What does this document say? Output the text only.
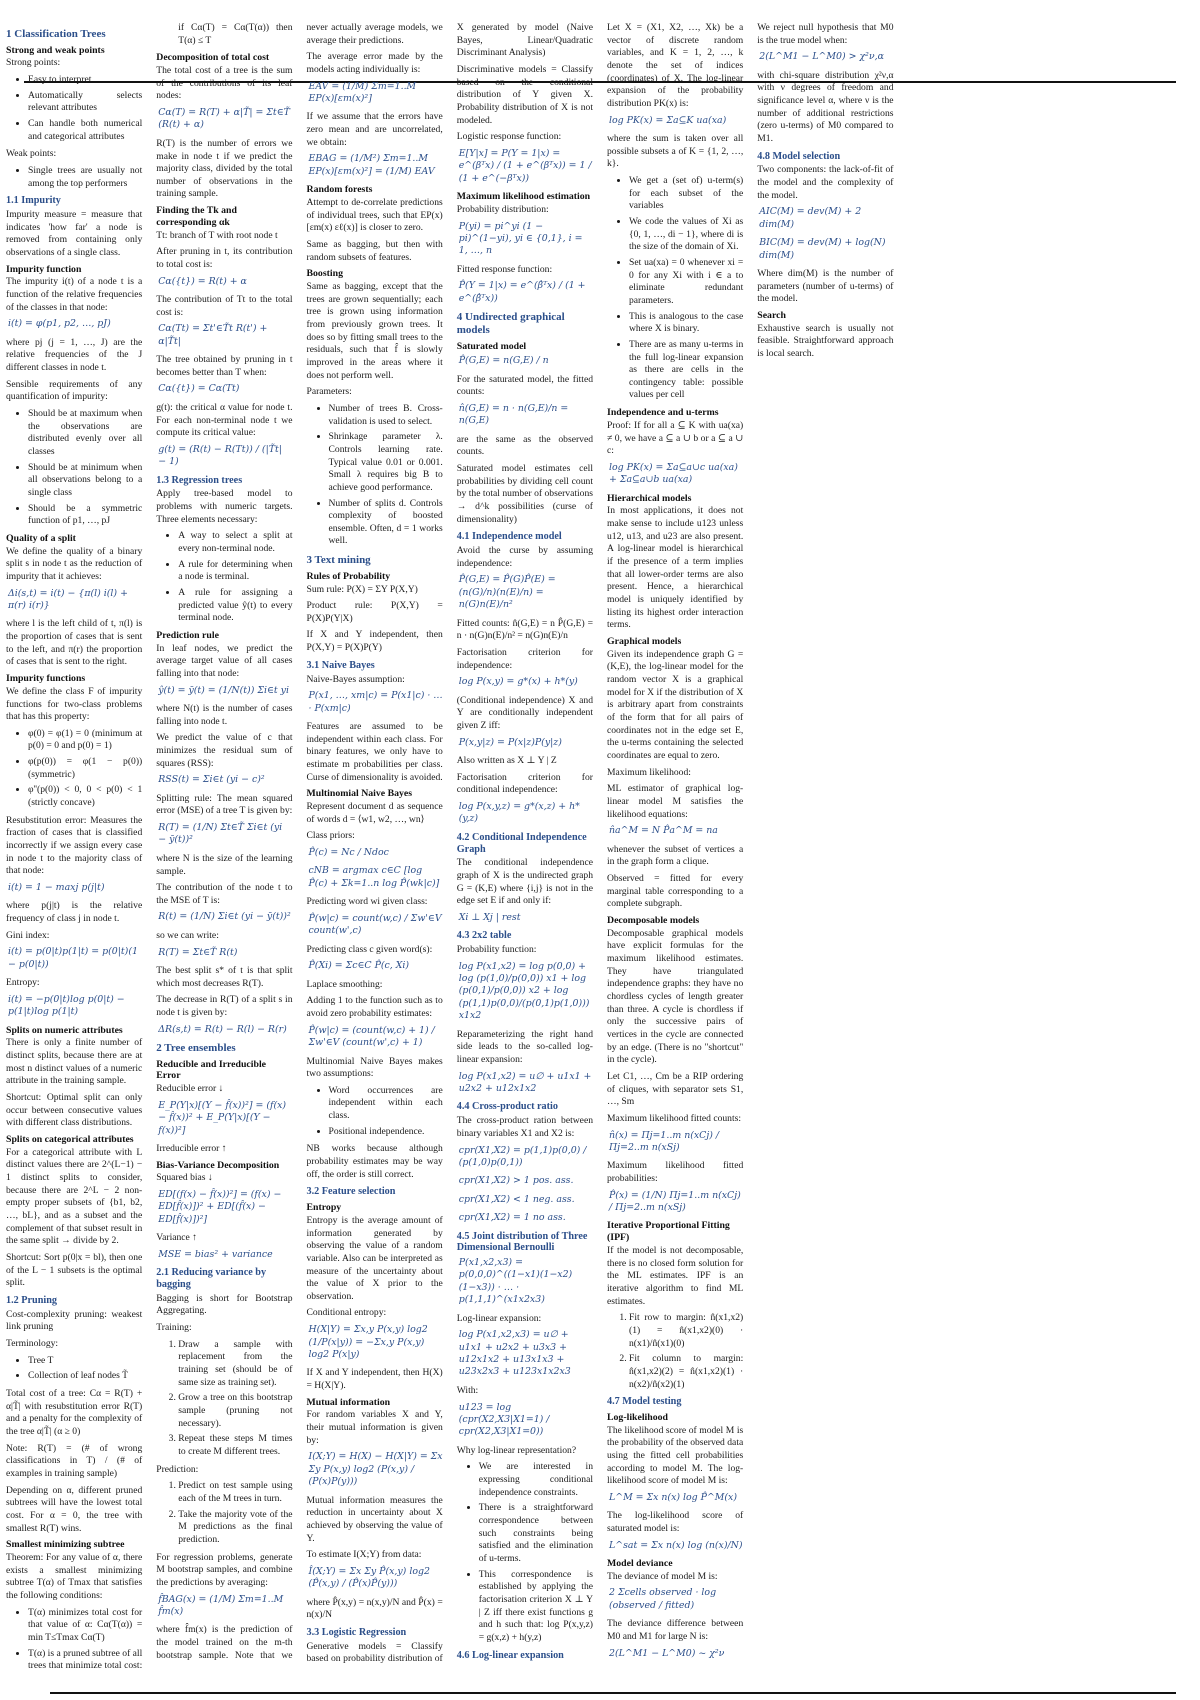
1 Classification Trees
Strong and weak points

Strong points:

• Easy to interpret
• Automatically selects relevant attributes
• Can handle both numerical and categorical attributes

Weak points:

• Single trees are usually not among the top performers
1.1 Impurity

Impurity measure = measure that indicates 'how far' a node is removed from containing only observations of a single class.

Impurity function

The impurity i(t) of a node t is a function of the relative frequencies of the classes in that node:

i(t) = φ(p1, p2, …, pJ)

where pj (j = 1, …, J) are the relative frequencies of the J different classes in node t.

Sensible requirements of any quantification of impurity:

• Should be at maximum when the observations are distributed evenly over all classes
• Should be at minimum when all observations belong to a single class
• Should be a symmetric function of p1, …, pJ
Quality of a split

We define the quality of a binary split s in node t as the reduction of impurity that it achieves:

Δi(s,t) = i(t) − {π(l) i(l) + π(r) i(r)}

where l is the left child of t, π(l) is the proportion of cases that is sent to the left, and π(r) the proportion of cases that is sent to the right.

Impurity functions

We define the class F of impurity functions for two-class problems that has this property:

• φ(0) = φ(1) = 0 (minimum at p(0) = 0 and p(0) = 1)
• φ(p(0)) = φ(1 − p(0)) (symmetric)
• φ''(p(0)) < 0, 0 < p(0) < 1 (strictly concave)

Resubstitution error: Measures the fraction of cases that is classified incorrectly if we assign every case in node t to the majority class of that node:

i(t) = 1 − maxj p(j|t)

where p(j|t) is the relative frequency of class j in node t.

Gini index:

i(t) = p(0|t)p(1|t) = p(0|t)(1 − p(0|t))

Entropy:

i(t) = −p(0|t)log p(0|t) − p(1|t)log p(1|t)
Splits on numeric attributes

There is only a finite number of distinct splits, because there are at most n distinct values of a numeric attribute in the training sample.

Shortcut: Optimal split can only occur between consecutive values with different class distributions.

Splits on categorical attributes

For a categorical attribute with L distinct values there are 2^(L−1) − 1 distinct splits to consider, because there are 2^L − 2 non-empty proper subsets of {b1, b2, …, bL}, and as a subset and the complement of that subset result in the same split → divide by 2.

Shortcut: Sort p(0|x = bl), then one of the L − 1 subsets is the optimal split.

1.2 Pruning

Cost-complexity pruning: weakest link pruning

Terminology:

• Tree T
• Collection of leaf nodes T̃

Total cost of a tree: Cα = R(T) + α|T̃| with resubstitution error R(T) and a penalty for the complexity of the tree α|T̃| (α ≥ 0)

Note: R(T) = (# of wrong classifications in T) / (# of examples in training sample)

Depending on α, different pruned subtrees will have the lowest total cost. For α = 0, the tree with smallest R(T) wins.

Smallest minimizing subtree

Theorem: For any value of α, there exists a smallest minimizing subtree T(α) of Tmax that satisfies the following conditions:

• T(α) minimizes total cost for that value of α: Cα(T(α)) = min T≤Tmax Cα(T)
• T(α) is a pruned subtree of all trees that minimize total cost: if Cα(T) = Cα(T(α)) then T(α) ≤ T
Decomposition of total cost

The total cost of a tree is the sum of the contributions of its leaf nodes:

Cα(T) = R(T) + α|T̃| = Σt∈T̃ (R(t) + α)

R(T) is the number of errors we make in node t if we predict the majority class, divided by the total number of observations in the training sample.

Finding the Tk and corresponding αk

Tt: branch of T with root node t

After pruning in t, its contribution to total cost is:

Cα({t}) = R(t) + α

The contribution of Tt to the total cost is:

Cα(Tt) = Σt'∈T̃t R(t') + α|T̃t|

The tree obtained by pruning in t becomes better than T when:

Cα({t}) = Cα(Tt)

g(t): the critical α value for node t. For each non-terminal node t we compute its critical value:

g(t) = (R(t) − R(Tt)) / (|T̃t| − 1)
1.3 Regression trees

Apply tree-based model to problems with numeric targets. Three elements necessary:

• A way to select a split at every non-terminal node.
• A rule for determining when a node is terminal.
• A rule for assigning a predicted value ŷ(t) to every terminal node.
Prediction rule

In leaf nodes, we predict the average target value of all cases falling into that node:

ŷ(t) = ȳ(t) = (1/N(t)) Σi∈t yi

where N(t) is the number of cases falling into node t.

We predict the value of c that minimizes the residual sum of squares (RSS):

RSS(t) = Σi∈t (yi − c)²

Splitting rule: The mean squared error (MSE) of a tree T is given by:

R(T) = (1/N) Σt∈T̃ Σi∈t (yi − ȳ(t))²

where N is the size of the learning sample.

The contribution of the node t to the MSE of T is:

R(t) = (1/N) Σi∈t (yi − ȳ(t))²

so we can write:

R(T) = Σt∈T̃ R(t)

The best split s* of t is that split which most decreases R(T).

The decrease in R(T) of a split s in node t is given by:

ΔR(s,t) = R(t) − R(l) − R(r)
2 Tree ensembles
Reducible and Irreducible Error

Reducible error ↓

E_P(Y|x)[(Y − f̂(x))²] = (f(x) − f̂(x))² + E_P(Y|x)[(Y − f(x))²]

Irreducible error ↑

Bias-Variance Decomposition

Squared bias ↓

ED[(f(x) − f̂(x))²] = (f(x) − ED[f̂(x)])² + ED[(f̂(x) − ED[f̂(x)])²]

Variance ↑

MSE = bias² + variance
2.1 Reducing variance by bagging

Bagging is short for Bootstrap Aggregating.

Training:

1. Draw a sample with replacement from the training set (should be of same size as training set).
2. Grow a tree on this bootstrap sample (pruning not necessary).
3. Repeat these steps M times to create M different trees.

Prediction:

1. Predict on test sample using each of the M trees in turn.
2. Take the majority vote of the M predictions as the final prediction.

For regression problems, generate M bootstrap samples, and combine the predictions by averaging:

f̂BAG(x) = (1/M) Σm=1..M f̂m(x)

where f̂m(x) is the prediction of the model trained on the m-th bootstrap sample. Note that we never actually average models, we average their predictions.

The average error made by the models acting individually is:

EAV = (1/M) Σm=1..M EP(x)[εm(x)²]

If we assume that the errors have zero mean and are uncorrelated, we obtain:

EBAG = (1/M²) Σm=1..M EP(x)[εm(x)²] = (1/M) EAV
Random forests

Attempt to de-correlate predictions of individual trees, such that EP(x)[εm(x) εℓ(x)] is closer to zero.

Same as bagging, but then with random subsets of features.

Boosting

Same as bagging, except that the trees are grown sequentially; each tree is grown using information from previously grown trees. It does so by fitting small trees to the residuals, such that f̂ is slowly improved in the areas where it does not perform well.

Parameters:

• Number of trees B. Cross-validation is used to select.
• Shrinkage parameter λ. Controls learning rate. Typical value 0.01 or 0.001. Small λ requires big B to achieve good performance.
• Number of splits d. Controls complexity of boosted ensemble. Often, d = 1 works well.
3 Text mining
Rules of Probability

Sum rule: P(X) = ΣY P(X,Y)

Product rule: P(X,Y) = P(X)P(Y|X)

If X and Y independent, then P(X,Y) = P(X)P(Y)

3.1 Naive Bayes

Naive-Bayes assumption:

P(x1, …, xm|c) = P(x1|c) · … · P(xm|c)

Features are assumed to be independent within each class. For binary features, we only have to estimate m probabilities per class. Curse of dimensionality is avoided.

Multinomial Naive Bayes

Represent document d as sequence of words d = ⟨w1, w2, …, wn⟩

Class priors:

P̂(c) = Nc / Ndoc
cNB = argmax c∈C [log P̂(c) + Σk=1..n log P̂(wk|c)]

Predicting word wi given class:

P̂(w|c) = count(w,c) / Σw'∈V count(w',c)

Predicting class c given word(s):

P̂(Xi) = Σc∈C P̂(c, Xi)

Laplace smoothing:

Adding 1 to the function such as to avoid zero probability estimates:

P̂(w|c) = (count(w,c) + 1) / Σw'∈V (count(w',c) + 1)

Multinomial Naive Bayes makes two assumptions:

• Word occurrences are independent within each class.
• Positional independence.

NB works because although probability estimates may be way off, the order is still correct.

3.2 Feature selection
Entropy

Entropy is the average amount of information generated by observing the value of a random variable. Also can be interpreted as measure of the uncertainty about the value of X prior to the observation.

Conditional entropy:

H(X|Y) = Σx,y P(x,y) log2 (1/P(x|y)) = −Σx,y P(x,y) log2 P(x|y)

If X and Y independent, then H(X) = H(X|Y).

Mutual information

For random variables X and Y, their mutual information is given by:

I(X;Y) = H(X) − H(X|Y) = Σx Σy P(x,y) log2 (P(x,y) / (P(x)P(y)))

Mutual information measures the reduction in uncertainty about X achieved by observing the value of Y.

To estimate I(X;Y) from data:

Î(X;Y) = Σx Σy P̂(x,y) log2 (P̂(x,y) / (P̂(x)P̂(y)))

where P̂(x,y) = n(x,y)/N and P̂(x) = n(x)/N

3.3 Logistic Regression

Generative models = Classify based on probability distribution of X generated by model (Naive Bayes, Linear/Quadratic Discriminant Analysis)

Discriminative models = Classify based on the conditional distribution of Y given X. Probability distribution of X is not modeled.

Logistic response function:

E[Y|x] = P(Y = 1|x) = e^(βᵀx) / (1 + e^(βᵀx)) = 1 / (1 + e^(−βᵀx))
Maximum likelihood estimation

Probability distribution:

P(yi) = pi^yi (1 − pi)^(1−yi), yi ∈ {0,1}, i = 1, …, n

Fitted response function:

P̂(Y = 1|x) = e^(β̂ᵀx) / (1 + e^(β̂ᵀx))
4 Undirected graphical models
Saturated model
P̂(G,E) = n(G,E) / n

For the saturated model, the fitted counts:

n̂(G,E) = n · n(G,E)/n = n(G,E)

are the same as the observed counts.

Saturated model estimates cell probabilities by dividing cell count by the total number of observations → d^k possibilities (curse of dimensionality)

4.1 Independence model

Avoid the curse by assuming independence:

P̂(G,E) = P̂(G)P̂(E) = (n(G)/n)(n(E)/n) = n(G)n(E)/n²

Fitted counts: n̂(G,E) = n P̂(G,E) = n · n(G)n(E)/n² = n(G)n(E)/n

Factorisation criterion for independence:

log P(x,y) = g*(x) + h*(y)

(Conditional independence) X and Y are conditionally independent given Z iff:

P(x,y|z) = P(x|z)P(y|z)

Also written as X ⊥ Y | Z

Factorisation criterion for conditional independence:

log P(x,y,z) = g*(x,z) + h*(y,z)
4.2 Conditional Independence Graph

The conditional independence graph of X is the undirected graph G = (K,E) where {i,j} is not in the edge set E if and only if:

Xi ⊥ Xj | rest
4.3 2x2 table

Probability function:

log P(x1,x2) = log p(0,0) + log (p(1,0)/p(0,0)) x1 + log (p(0,1)/p(0,0)) x2 + log (p(1,1)p(0,0)/(p(0,1)p(1,0))) x1x2

Reparameterizing the right hand side leads to the so-called log-linear expansion:

log P(x1,x2) = u∅ + u1x1 + u2x2 + u12x1x2
4.4 Cross-product ratio

The cross-product ration between binary variables X1 and X2 is:

cpr(X1,X2) = p(1,1)p(0,0) / (p(1,0)p(0,1))
cpr(X1,X2) > 1 pos. ass.
cpr(X1,X2) < 1 neg. ass.
cpr(X1,X2) = 1 no ass.
4.5 Joint distribution of Three Dimensional Bernoulli
P(x1,x2,x3) = p(0,0,0)^((1−x1)(1−x2)(1−x3)) · … · p(1,1,1)^(x1x2x3)

Log-linear expansion:

log P(x1,x2,x3) = u∅ + u1x1 + u2x2 + u3x3 + u12x1x2 + u13x1x3 + u23x2x3 + u123x1x2x3

With:

u123 = log (cpr(X2,X3|X1=1) / cpr(X2,X3|X1=0))

Why log-linear representation?

• We are interested in expressing conditional independence constraints.
• There is a straightforward correspondence between such constraints being satisfied and the elimination of u-terms.
• This correspondence is established by applying the factorisation criterion X ⊥ Y | Z iff there exist functions g and h such that: log P(x,y,z) = g(x,z) + h(y,z)
4.6 Log-linear expansion

Let X = (X1, X2, …, Xk) be a vector of discrete random variables, and K = 1, 2, …, k denote the set of indices (coordinates) of X. The log-linear expansion of the probability distribution PK(x) is:

log PK(x) = Σa⊆K ua(xa)

where the sum is taken over all possible subsets a of K = {1, 2, …, k}.

• We get a (set of) u-term(s) for each subset of the variables
• We code the values of Xi as {0, 1, …, di − 1}, where di is the size of the domain of Xi.
• Set ua(xa) = 0 whenever xi = 0 for any Xi with i ∈ a to eliminate redundant parameters.
• This is analogous to the case where X is binary.
• There are as many u-terms in the full log-linear expansion as there are cells in the contingency table: possible values per cell
Independence and u-terms

Proof: If for all a ⊆ K with ua(xa) ≠ 0, we have a ⊆ a ∪ b or a ⊆ a ∪ c:

log PK(x) = Σa⊆a∪c ua(xa) + Σa⊆a∪b ua(xa)
Hierarchical models

In most applications, it does not make sense to include u123 unless u12, u13, and u23 are also present. A log-linear model is hierarchical if the presence of a term implies that all lower-order terms are also present. Hence, a hierarchical model is uniquely identified by listing its highest order interaction terms.

Graphical models

Given its independence graph G = (K,E), the log-linear model for the random vector X is a graphical model for X if the distribution of X is arbitrary apart from constraints of the form that for all pairs of coordinates not in the edge set E, the u-terms containing the selected coordinates are equal to zero.

Maximum likelihood:

ML estimator of graphical log-linear model M satisfies the likelihood equations:

n̂a^M = N P̂a^M = na

whenever the subset of vertices a in the graph form a clique.

Observed = fitted for every marginal table corresponding to a complete subgraph.

Decomposable models

Decomposable graphical models have explicit formulas for the maximum likelihood estimates. They have triangulated independence graphs: they have no chordless cycles of length greater than three. A cycle is chordless if only the successive pairs of vertices in the cycle are connected by an edge. (There is no "shortcut" in the cycle).

Let C1, …, Cm be a RIP ordering of cliques, with separator sets S1, …, Sm

Maximum likelihood fitted counts:

n̂(x) = Πj=1..m n(xCj) / Πj=2..m n(xSj)

Maximum likelihood fitted probabilities:

P̂(x) = (1/N) Πj=1..m n(xCj) / Πj=2..m n(xSj)
Iterative Proportional Fitting (IPF)

If the model is not decomposable, there is no closed form solution for the ML estimates. IPF is an iterative algorithm to find ML estimates.

1. Fit row to margin: n̂(x1,x2)(1) = n̂(x1,x2)(0) · n(x1)/n̂(x1)(0)
2. Fit column to margin: n̂(x1,x2)(2) = n̂(x1,x2)(1) · n(x2)/n̂(x2)(1)
4.7 Model testing
Log-likelihood

The likelihood score of model M is the probability of the observed data using the fitted cell probabilities according to model M. The log-likelihood score of model M is:

L^M = Σx n(x) log P̂^M(x)

The log-likelihood score of saturated model is:

L^sat = Σx n(x) log (n(x)/N)
Model deviance

The deviance of model M is:

2 Σcells observed · log (observed / fitted)

The deviance difference between M0 and M1 for large N is:

2(L^M1 − L^M0) ~ χ²ν

We reject null hypothesis that M0 is the true model when:

2(L^M1 − L^M0) > χ²ν,α

with chi-square distribution χ²ν,α with ν degrees of freedom and significance level α, where ν is the number of additional restrictions (zero u-terms) of M0 compared to M1.

4.8 Model selection

Two components: the lack-of-fit of the model and the complexity of the model.

AIC(M) = dev(M) + 2 dim(M)
BIC(M) = dev(M) + log(N) dim(M)

Where dim(M) is the number of parameters (number of u-terms) of the model.

Search

Exhaustive search is usually not feasible. Straightforward approach is local search.
